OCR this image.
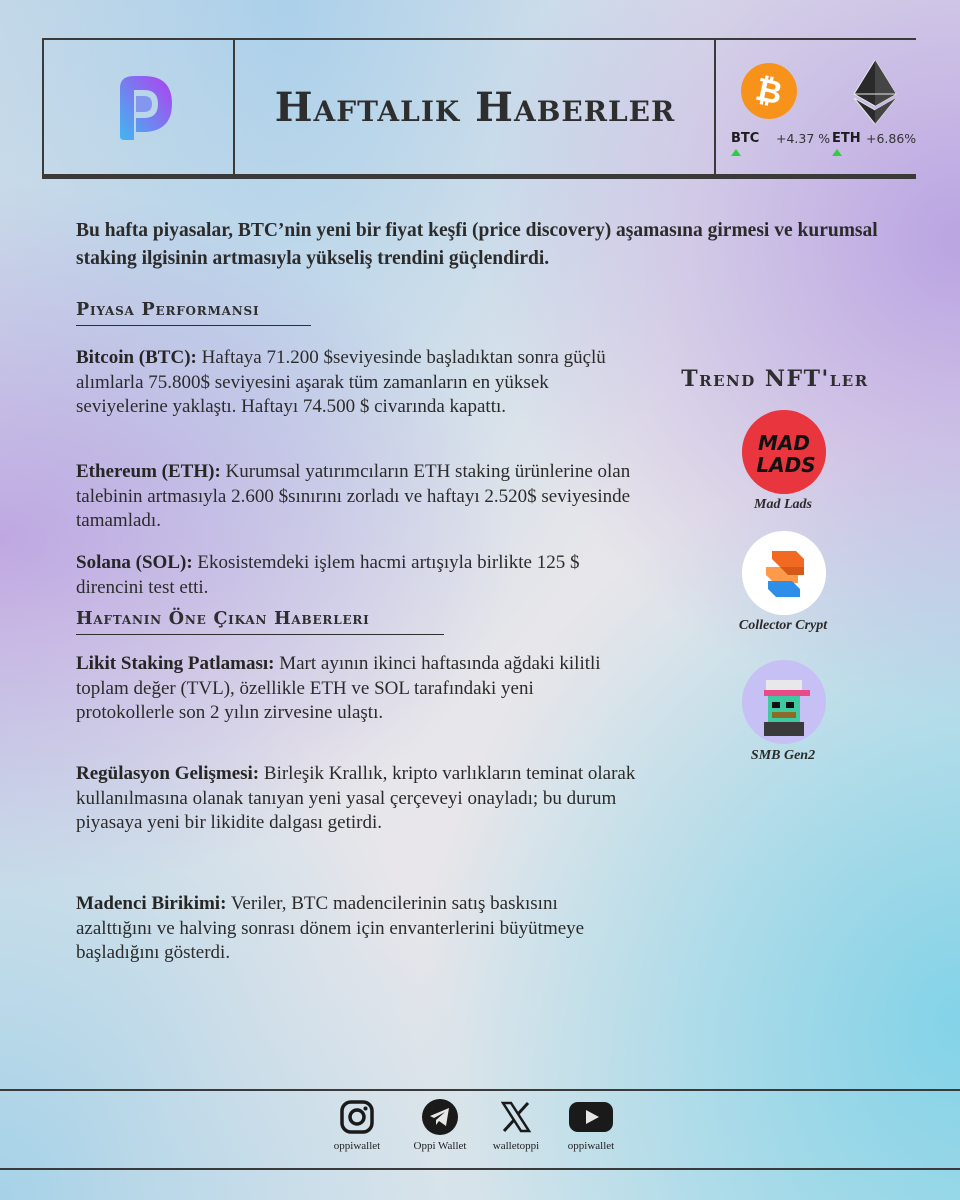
Haftalık Haberler	₿
BTC +4.37 % ETH +6.86%
Bu hafta piyasalar, BTC’nin yeni bir fiyat keşfi (price discovery) aşamasına girmesi ve kurumsal staking ilgisinin artmasıyla yükseliş trendini güçlendirdi.
Piyasa Performansı
Bitcoin (BTC): Haftaya 71.200 $seviyesinde başladıktan sonra güçlü alımlarla 75.800$ seviyesini aşarak tüm zamanların en yüksek seviyelerine yaklaştı. Haftayı 74.500 $ civarında kapattı.
Ethereum (ETH): Kurumsal yatırımcıların ETH staking ürünlerine olan talebinin artmasıyla 2.600 $sınırını zorladı ve haftayı 2.520$ seviyesinde tamamladı.
Solana (SOL): Ekosistemdeki işlem hacmi artışıyla birlikte 125 $ direncini test etti.
Haftanın Öne Çıkan Haberleri
Likit Staking Patlaması: Mart ayının ikinci haftasında ağdaki kilitli toplam değer (TVL), özellikle ETH ve SOL tarafındaki yeni protokollerle son 2 yılın zirvesine ulaştı.
Regülasyon Gelişmesi: Birleşik Krallık, kripto varlıkların teminat olarak kullanılmasına olanak tanıyan yeni yasal çerçeveyi onayladı; bu durum piyasaya yeni bir likidite dalgası getirdi.
Madenci Birikimi: Veriler, BTC madencilerinin satış baskısını azalttığını ve halving sonrası dönem için envanterlerini büyütmeye başladığını gösterdi.
Trend NFT'ler
MAD
LADS
Mad Lads
Collector Crypt
SMB Gen2
oppiwallet	Oppi Wallet	walletoppi	oppiwallet
